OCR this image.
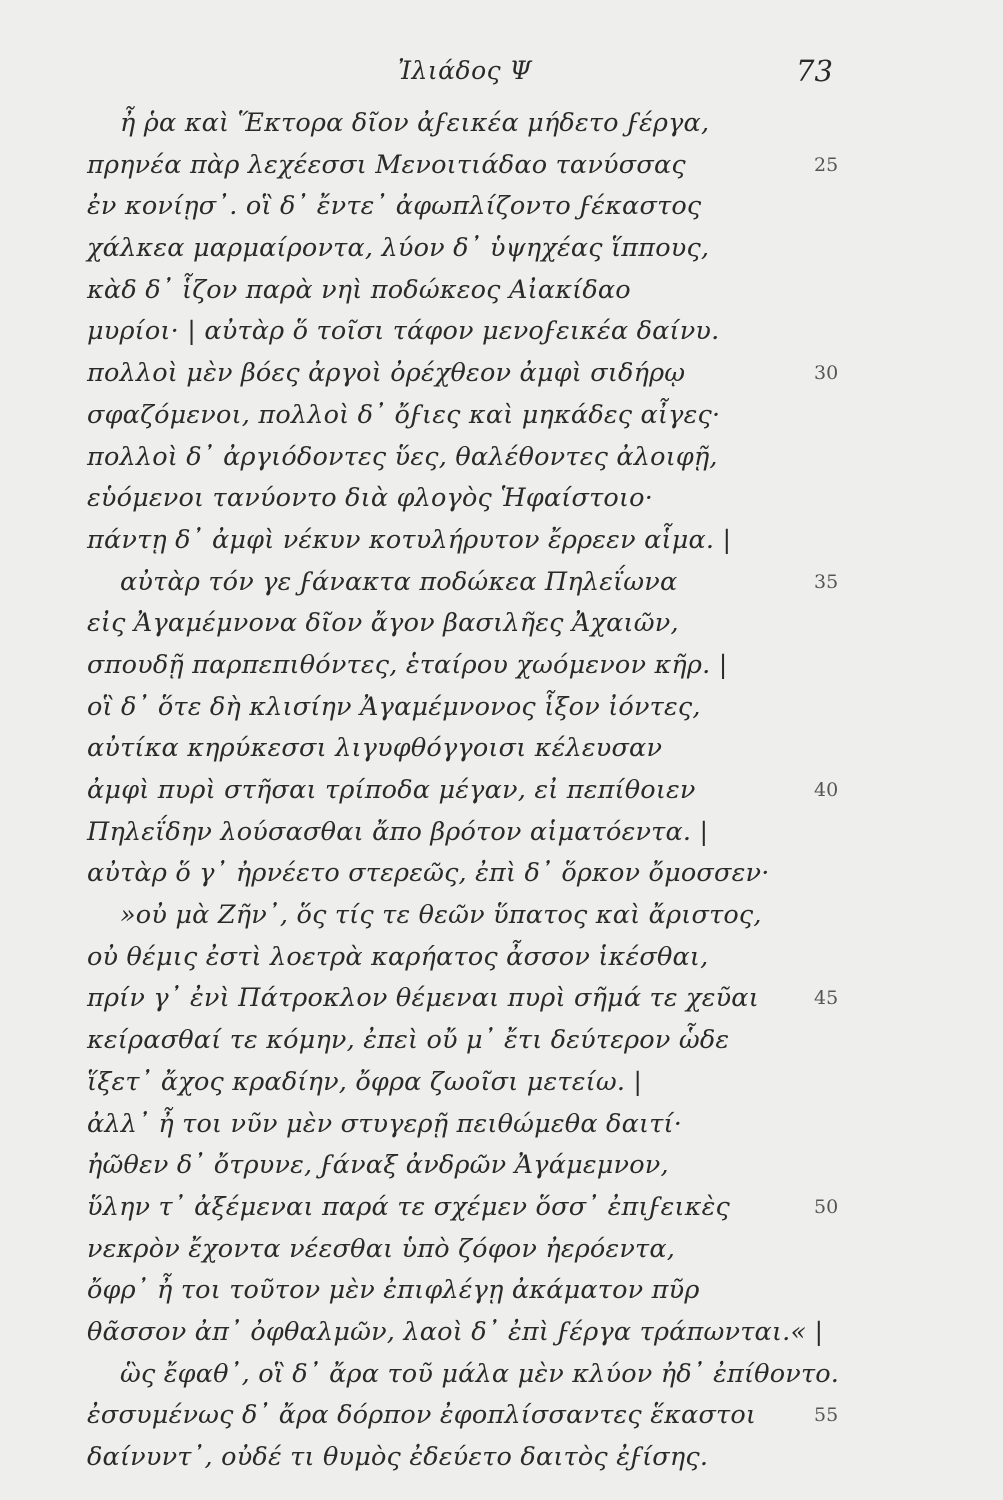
Ἰλιάδος Ψ	73
ἦ ῥα καὶ Ἕκτορα δῖον ἀϝεικέα μήδετο ϝέργα,
πρηνέα πὰρ λεχέεσσι Μενοιτιάδαο τανύσσας	25
ἐν κονίῃσ᾽. οἳ δ᾽ ἔντε᾽ ἀφωπλίζοντο ϝέκαστος
χάλκεα μαρμαίροντα, λύον δ᾽ ὑψηχέας ἵππους,
κὰδ δ᾽ ἷζον παρὰ νηὶ ποδώκεος Αἰακίδαο
μυρίοι· | αὐτὰρ ὅ τοῖσι τάφον μενοϝεικέα δαίνυ.
πολλοὶ μὲν βόες ἀργοὶ ὀρέχθεον ἀμφὶ σιδήρῳ	30
σφαζόμενοι, πολλοὶ δ᾽ ὄϝιες καὶ μηκάδες αἶγες·
πολλοὶ δ᾽ ἀργιόδοντες ὕες, θαλέθοντες ἀλοιφῇ,
εὑόμενοι τανύοντο διὰ φλογὸς Ἡφαίστοιο·
πάντῃ δ᾽ ἀμφὶ νέκυν κοτυλήρυτον ἔρρεεν αἷμα. |
αὐτὰρ τόν γε ϝάνακτα ποδώκεα Πηλεΐωνα	35
εἰς Ἀγαμέμνονα δῖον ἄγον βασιλῆες Ἀχαιῶν,
σπουδῇ παρπεπιθόντες, ἑταίρου χωόμενον κῆρ. |
οἳ δ᾽ ὅτε δὴ κλισίην Ἀγαμέμνονος ἷξον ἰόντες,
αὐτίκα κηρύκεσσι λιγυφθόγγοισι κέλευσαν
ἀμφὶ πυρὶ στῆσαι τρίποδα μέγαν, εἰ πεπίθοιεν	40
Πηλεΐδην λούσασθαι ἄπο βρότον αἱματόεντα. |
αὐτὰρ ὅ γ᾽ ἠρνέετο στερεῶς, ἐπὶ δ᾽ ὅρκον ὄμοσσεν·
»οὐ μὰ Ζῆν᾽, ὅς τίς τε θεῶν ὕπατος καὶ ἄριστος,
οὐ θέμις ἐστὶ λοετρὰ καρήατος ἆσσον ἱκέσθαι,
πρίν γ᾽ ἐνὶ Πάτροκλον θέμεναι πυρὶ σῆμά τε χεῦαι	45
κείρασθαί τε κόμην, ἐπεὶ οὔ μ᾽ ἔτι δεύτερον ὧδε
ἵξετ᾽ ἄχος κραδίην, ὄφρα ζωοῖσι μετείω. |
ἀλλ᾽ ἦ τοι νῦν μὲν στυγερῇ πειθώμεθα δαιτί·
ἠῶθεν δ᾽ ὄτρυνε, ϝάναξ ἀνδρῶν Ἀγάμεμνον,
ὕλην τ᾽ ἀξέμεναι παρά τε σχέμεν ὅσσ᾽ ἐπιϝεικὲς	50
νεκρὸν ἔχοντα νέεσθαι ὑπὸ ζόφον ἠερόεντα,
ὄφρ᾽ ἦ τοι τοῦτον μὲν ἐπιφλέγῃ ἀκάματον πῦρ
θᾶσσον ἀπ᾽ ὀφθαλμῶν, λαοὶ δ᾽ ἐπὶ ϝέργα τράπωνται.« |
ὣς ἔφαθ᾽, οἳ δ᾽ ἄρα τοῦ μάλα μὲν κλύον ἠδ᾽ ἐπίθοντο.
ἐσσυμένως δ᾽ ἄρα δόρπον ἐφοπλίσσαντες ἕκαστοι	55
δαίνυντ᾽, οὐδέ τι θυμὸς ἐδεύετο δαιτὸς ἐϝίσης.
